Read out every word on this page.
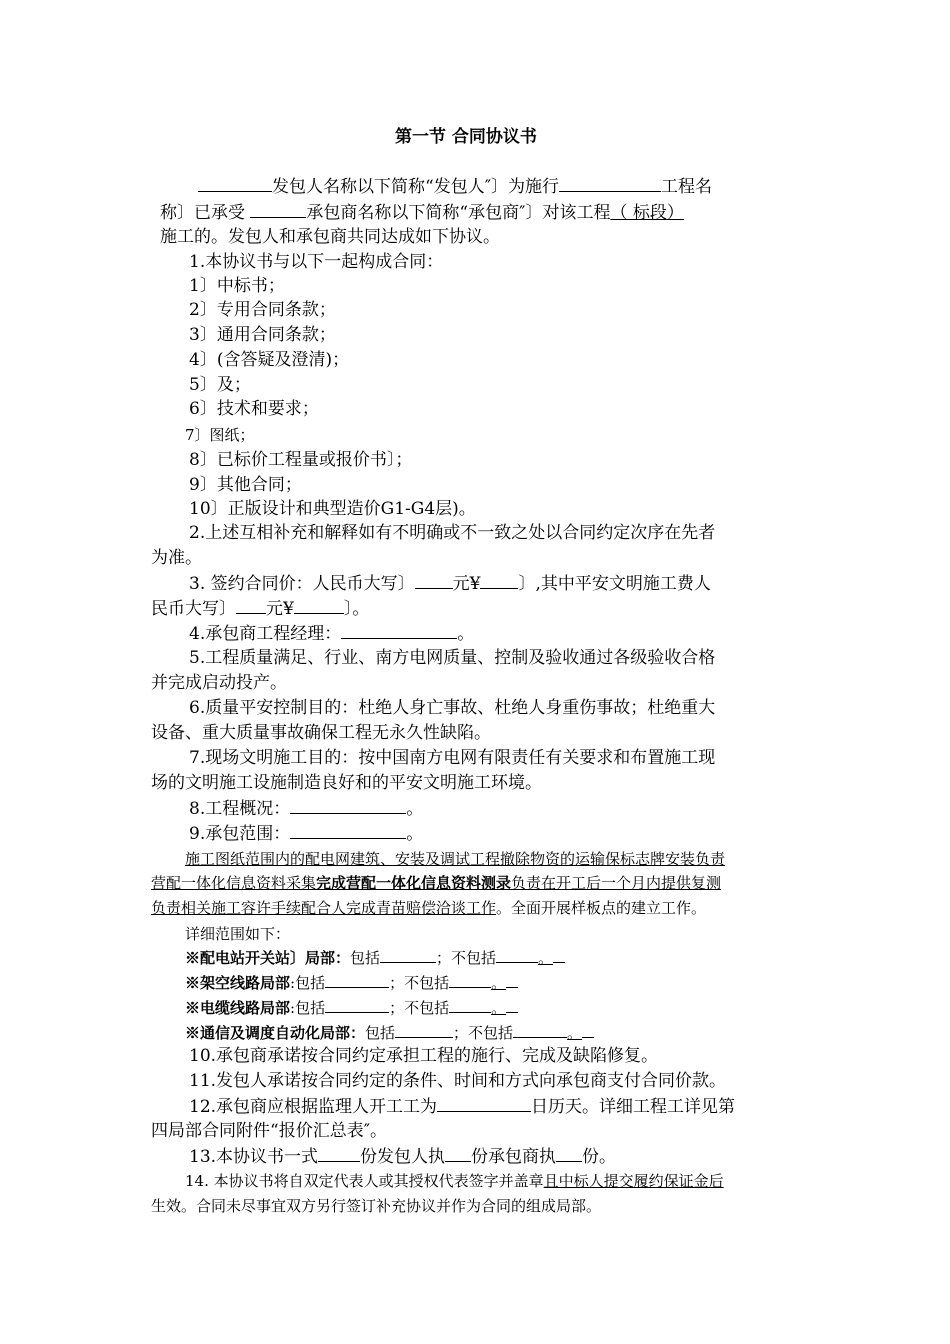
第一节 合同协议书
发包人名称以下简称“发包人″〕为施行	工程名
称〕已承受	承包商名称以下简称“承包商″〕对该工程（ 标段）
施工的。发包人和承包商共同达成如下协议。
1.本协议书与以下一起构成合同：
1〕中标书；
2〕专用合同条款；
3〕通用合同条款；
4〕(含答疑及澄清)；
5〕及；
6〕技术和要求；
7〕图纸；
8〕已标价工程量或报价书〕；
9〕其他合同；
10〕正版设计和典型造价G1-G4层)。
2.上述互相补充和解释如有不明确或不一致之处以合同约定次序在先者
为准。
3. 签约合同价：人民币大写〕 元¥ 〕,其中平安文明施工费人
民币大写〕 元¥	〕。
4.承包商工程经理：	。
5.工程质量满足、行业、南方电网质量、控制及验收通过各级验收合格
并完成启动投产。
6.质量平安控制目的：杜绝人身亡事故、杜绝人身重伤事故；杜绝重大
设备、重大质量事故确保工程无永久性缺陷。
7.现场文明施工目的：按中国南方电网有限责任有关要求和布置施工现
场的文明施工设施制造良好和的平安文明施工环境。
8.工程概况：	。
9.承包范围：	。
施工图纸范围内的配电网建筑、安装及调试工程撤除物资的运输保标志牌安装负责
营配一体化信息资料采集完成营配一体化信息资料测录负责在开工后一个月内提供复测
负责相关施工容许手续配合人完成青苗赔偿洽谈工作。全面开展样板点的建立工作。
详细范围如下：
※配电站开关站〕局部：包括	；不包括	。
※架空线路局部:包括	；不包括	。
※电缆线路局部:包括	；不包括	。
※通信及调度自动化局部：包括	；不包括	。
10.承包商承诺按合同约定承担工程的施行、完成及缺陷修复。
11.发包人承诺按合同约定的条件、时间和方式向承包商支付合同价款。
12.承包商应根据监理人开工工为	日历天。详细工程工详见第
四局部合同附件“报价汇总表″。
13.本协议书一式 份发包人执 份承包商执 份。
14. 本协议书将自双定代表人或其授权代表签字并盖章且中标人提交履约保证金后
生效。合同未尽事宜双方另行签订补充协议并作为合同的组成局部。
